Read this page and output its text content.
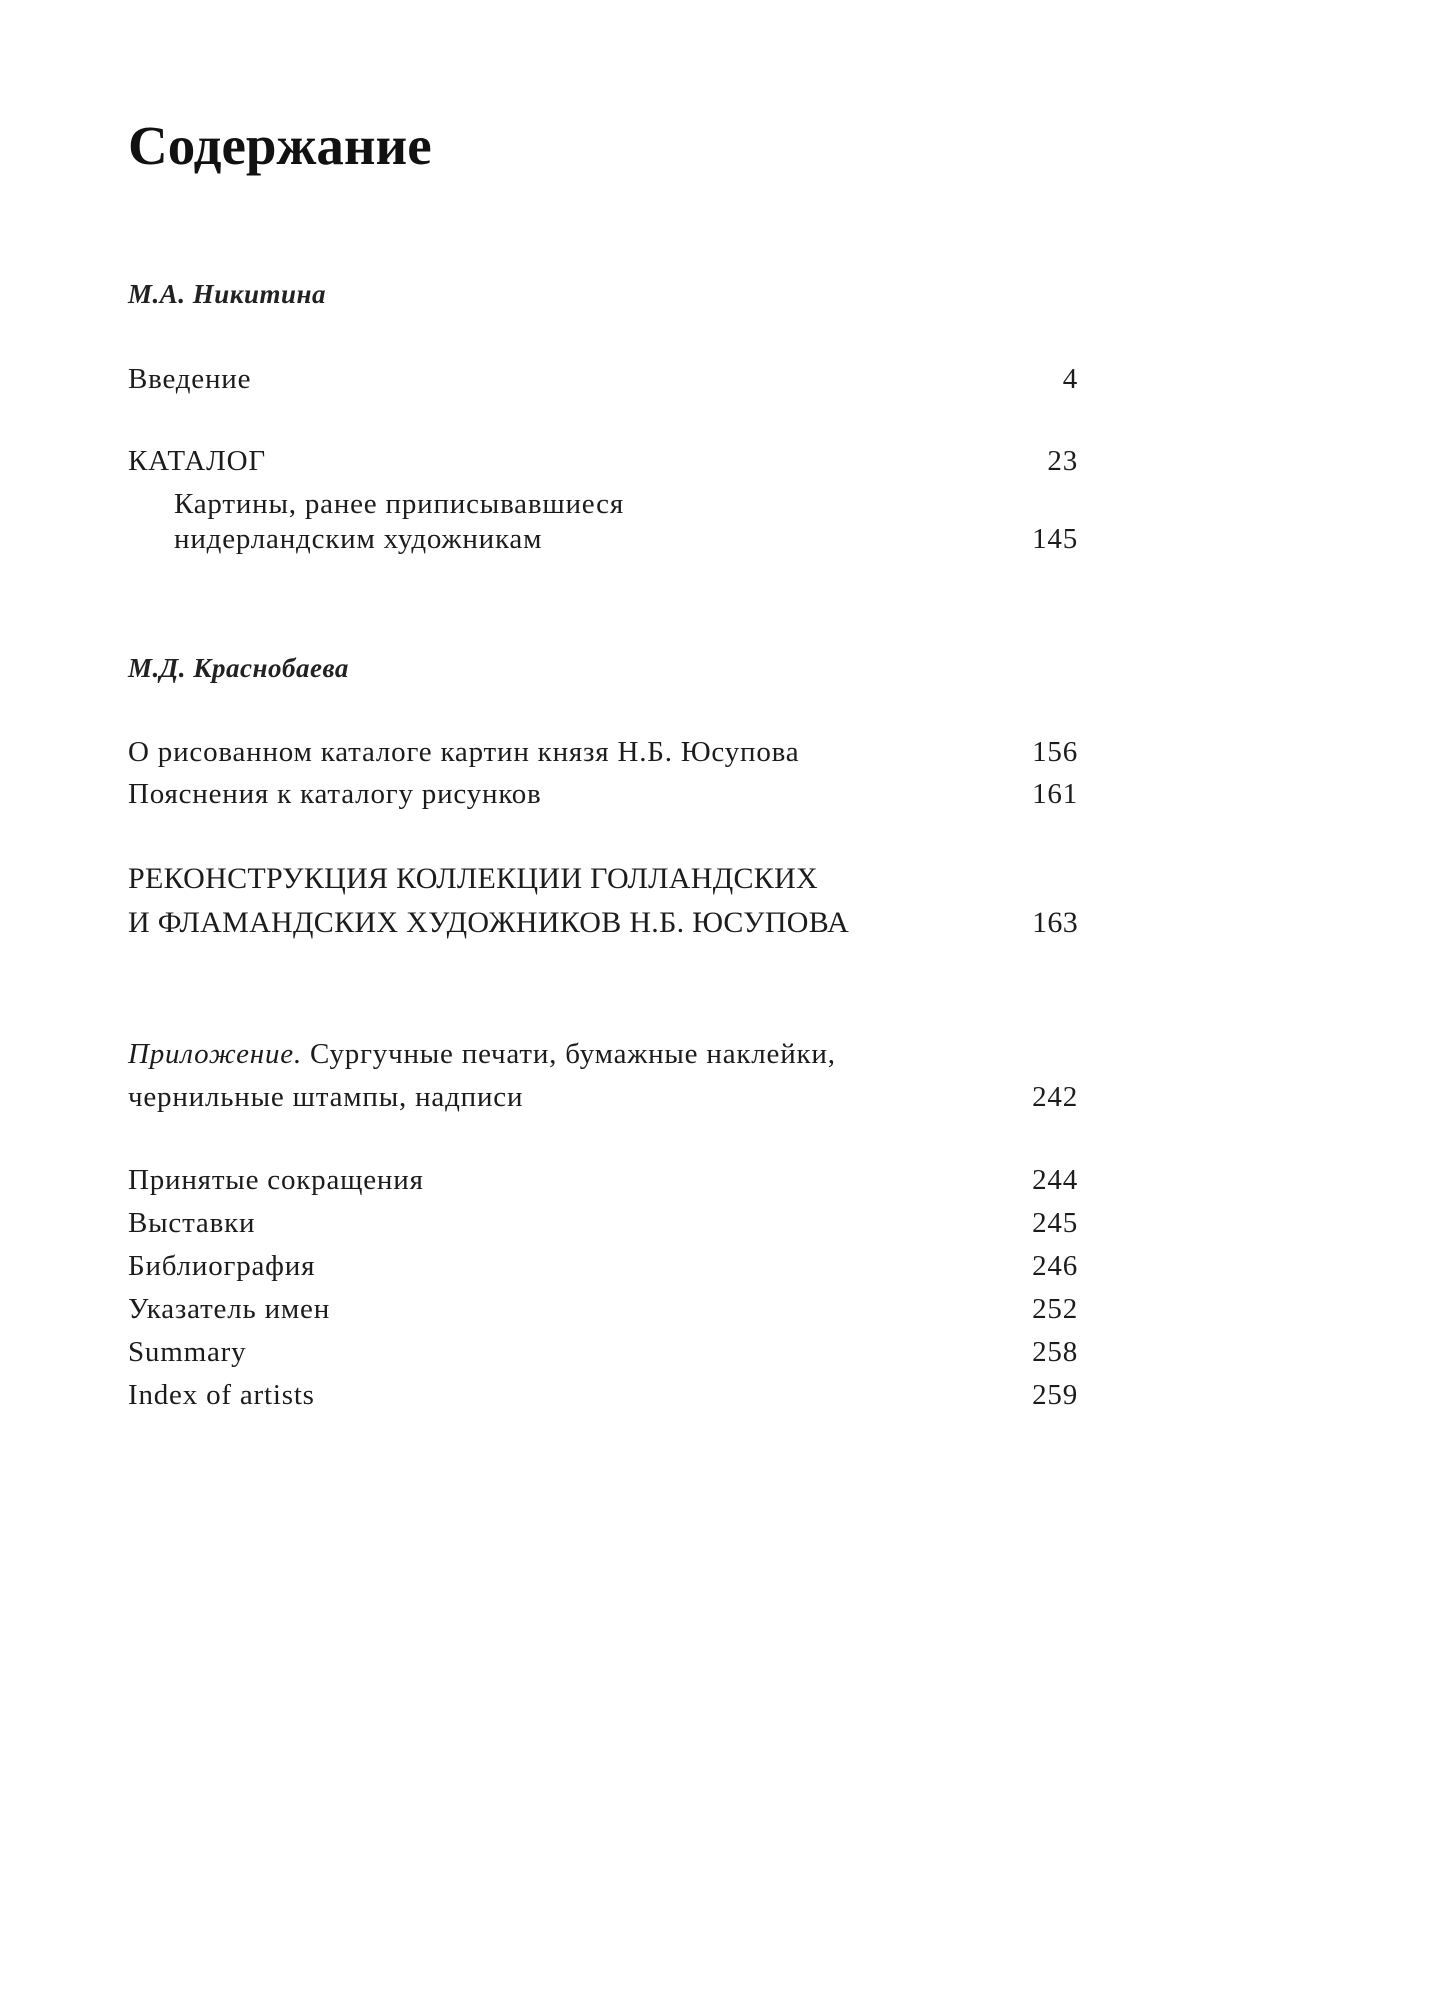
Содержание
М.А. Никитина
Введение	4
КАТАЛОГ	23
Картины, ранее приписывавшиеся
нидерландским художникам	145
М.Д. Краснобаева
О рисованном каталоге картин князя Н.Б. Юсупова	156
Пояснения к каталогу рисунков	161
РЕКОНСТРУКЦИЯ КОЛЛЕКЦИИ ГОЛЛАНДСКИХ
И ФЛАМАНДСКИХ ХУДОЖНИКОВ Н.Б. ЮСУПОВА	163
Приложение. Сургучные печати, бумажные наклейки,
чернильные штампы, надписи	242
Принятые сокращения	244
Выставки	245
Библиография	246
Указатель имен	252
Summary	258
Index of artists	259
